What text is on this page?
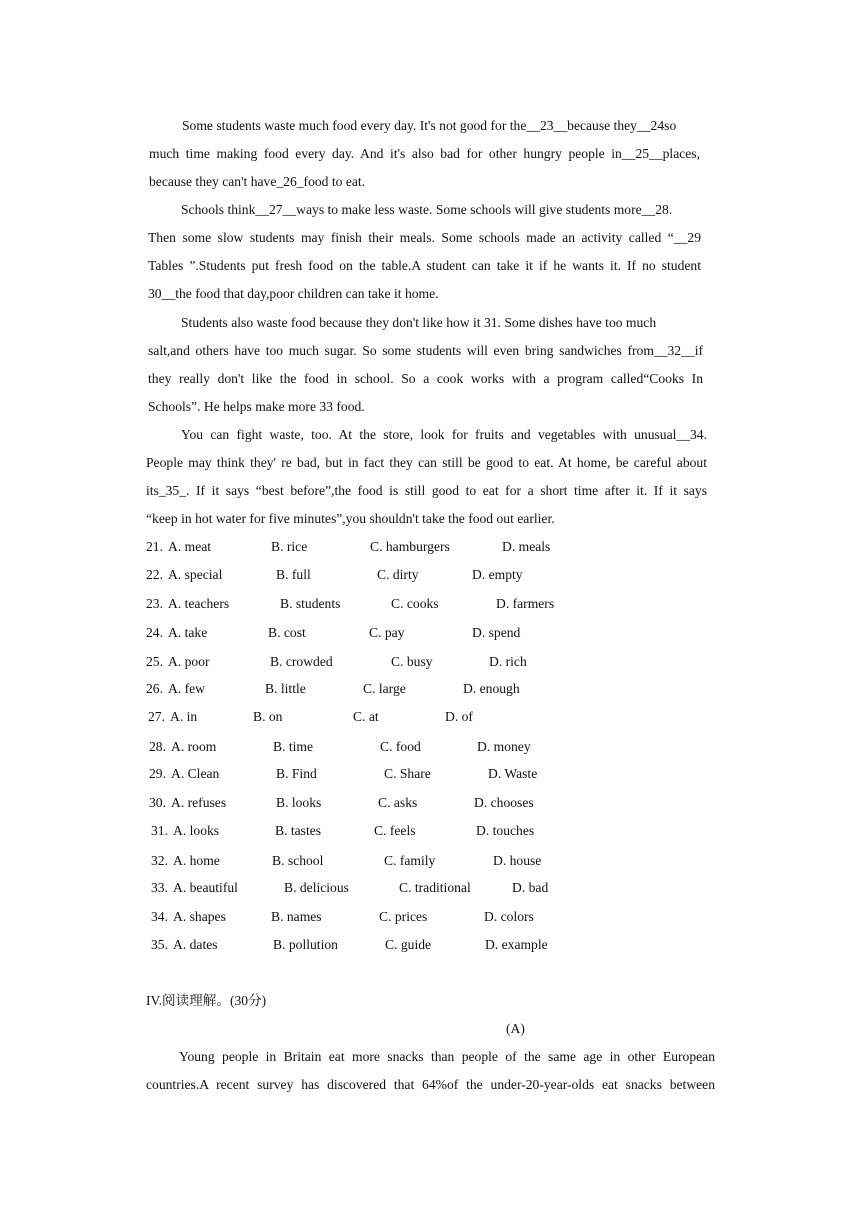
Some students waste much food every day. It's not good for the__23__because they__24so
much time making food every day. And it's also bad for other hungry people in__25__places,
because they can't have_26_food to eat.
Schools think__27__ways to make less waste. Some schools will give students more__28.
Then some slow students may finish their meals. Some schools made an activity called “__29
Tables ”.Students put fresh food on the table.A student can take it if he wants it. If no student
30__the food that day,poor children can take it home.
Students also waste food because they don't like how it 31. Some dishes have too much
salt,and others have too much sugar. So some students will even bring sandwiches from__32__if
they really don't like the food in school. So a cook works with a program called“Cooks In
Schools”. He helps make more 33 food.
You can fight waste, too. At the store, look for fruits and vegetables with unusual__34.
People may think they' re bad, but in fact they can still be good to eat. At home, be careful about
its_35_. If it says “best before”,the food is still good to eat for a short time after it. If it says
“keep in hot water for five minutes”,you shouldn't take the food out earlier.
21. A. meat	B. rice	C. hamburgers	D. meals
22. A. special	B. full	C. dirty	D. empty
23. A. teachers	B. students	C. cooks	D. farmers
24. A. take	B. cost	C. pay	D. spend
25. A. poor	B. crowded	C. busy	D. rich
26. A. few	B. little	C. large	D. enough
27. A. in	B. on	C. at	D. of
28. A. room	B. time	C. food	D. money
29. A. Clean	B. Find	C. Share	D. Waste
30. A. refuses	B. looks	C. asks	D. chooses
31. A. looks	B. tastes	C. feels	D. touches
32. A. home	B. school	C. family	D. house
33. A. beautiful	B. delicious	C. traditional	D. bad
34. A. shapes	B. names	C. prices	D. colors
35. A. dates	B. pollution	C. guide	D. example
IV.阅读理解。(30分)
(A)
Young people in Britain eat more snacks than people of the same age in other European
countries.A recent survey has discovered that 64%of the under-20-year-olds eat snacks between
